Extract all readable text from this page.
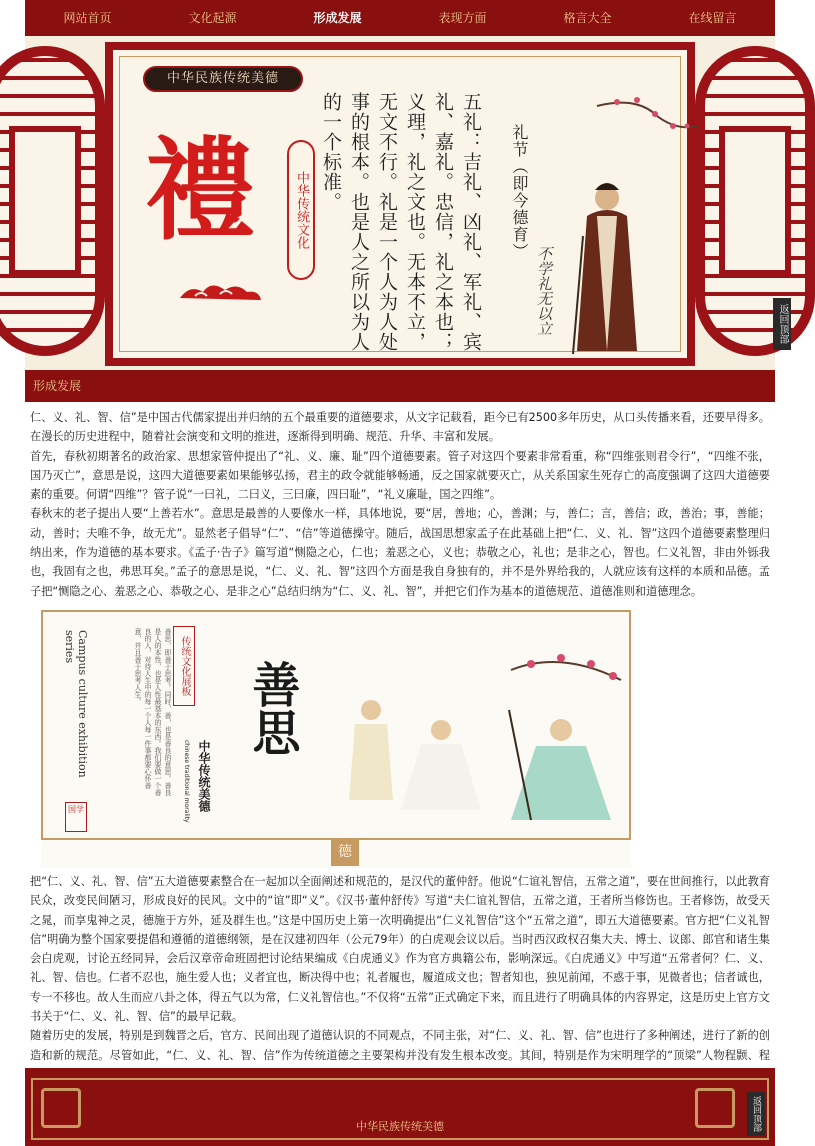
网站首页	文化起源	形成发展	表现方面	格言大全	在线留言
中华民族传统美德
禮	中华传统文化	五礼：吉礼、凶礼、军礼、宾礼、嘉礼。忠信，礼之本也；义理，礼之文也。无本不立，无文不行。礼是一个人为人处事的根本。也是人之所以为人的一个标准。	礼节（即今德育）
不学礼无以立	返回顶部
形成发展

仁、义、礼、智、信”是中国古代儒家提出并归纳的五个最重要的道德要求，从文字记载看，距今已有2500多年历史，从口头传播来看，还要早得多。在漫长的历史进程中，随着社会演变和文明的推进，逐渐得到明确、规范、升华、丰富和发展。

首先，春秋初期著名的政治家、思想家管仲提出了“礼、义、廉、耻”四个道德要素。管子对这四个要素非常看重，称“四维张则君令行”，“四维不张，国乃灭亡”，意思是说，这四大道德要素如果能够弘扬，君主的政令就能够畅通，反之国家就要灭亡，从关系国家生死存亡的高度强调了这四大道德要素的重要。何谓“四维”？管子说“一曰礼，二曰义，三曰廉，四曰耻”，“礼义廉耻，国之四维”。

春秋末的老子提出人要“上善若水”。意思是最善的人要像水一样，具体地说，要“居，善地；心，善渊；与，善仁；言，善信；政，善治；事，善能；动，善时；夫唯不争，故无尤”。显然老子倡导“仁”、“信”等道德操守。随后，战国思想家孟子在此基础上把“仁、义、礼、智”这四个道德要素整理归纳出来，作为道德的基本要求。《孟子·告子》篇写道“恻隐之心，仁也；羞恶之心，义也；恭敬之心，礼也；是非之心，智也。仁义礼智，非由外铄我也，我固有之也，弗思耳矣。”孟子的意思是说，“仁、义、礼、智”这四个方面是我自身独有的，并不是外界给我的，人就应该有这样的本质和品德。孟子把“恻隐之心、羞恶之心、恭敬之心、是非之心”总结归纳为“仁、义、礼、智”，并把它们作为基本的道德规范、道德准则和道德理念。

Campus culture exhibition series	善思，即善于思考。同时，善，也是善良的意思。善良是人的本性，也是人性最基本的东西。我们要做一个善良的人，对待人生中的每一个人每一件事都要心怀善意，并且善于思考人生。	传统文化展板
中华传统美德
chinese traditional morality
国学
善思
德

把“仁、义、礼、智、信”五大道德要素整合在一起加以全面阐述和规范的，是汉代的董仲舒。他说“仁谊礼智信，五常之道”，要在世间推行，以此教育民众，改变民间陋习，形成良好的民风。文中的“谊”即“义”。《汉书·董仲舒传》写道“夫仁谊礼智信，五常之道，王者所当修饬也。王者修饬，故受天之晁，而享鬼神之灵，德施于方外，延及群生也。”这是中国历史上第一次明确提出“仁义礼智信”这个“五常之道”，即五大道德要素。官方把“仁义礼智信”明确为整个国家要提倡和遵循的道德纲领，是在汉建初四年（公元79年）的白虎观会议以后。当时西汉政权召集大夫、博士、议郎、郎官和诸生集会白虎观，讨论五经同异，会后汉章帝命班固把讨论结果编成《白虎通义》作为官方典籍公布，影响深远。《白虎通义》中写道“五常者何？仁、义、礼、智、信也。仁者不忍也，施生爱人也；义者宜也，断决得中也；礼者履也，履道成文也；智者知也，独见前闻，不惑于事，见微者也；信者诚也，专一不移也。故人生而应八卦之体，得五气以为常，仁义礼智信也。”不仅将“五常”正式确定下来，而且进行了明确具体的内容界定，这是历史上官方文书关于“仁、义、礼、智、信”的最早记载。

随着历史的发展，特别是到魏晋之后，官方、民间出现了道德认识的不同观点，不同主张，对“仁、义、礼、智、信”也进行了多种阐述，进行了新的创造和新的规范。尽管如此，“仁、义、礼、智、信”作为传统道德之主要架构并没有发生根本改变。其间，特别是作为宋明理学的“顶梁”人物程颢、程

中华民族传统美德	返回顶部
